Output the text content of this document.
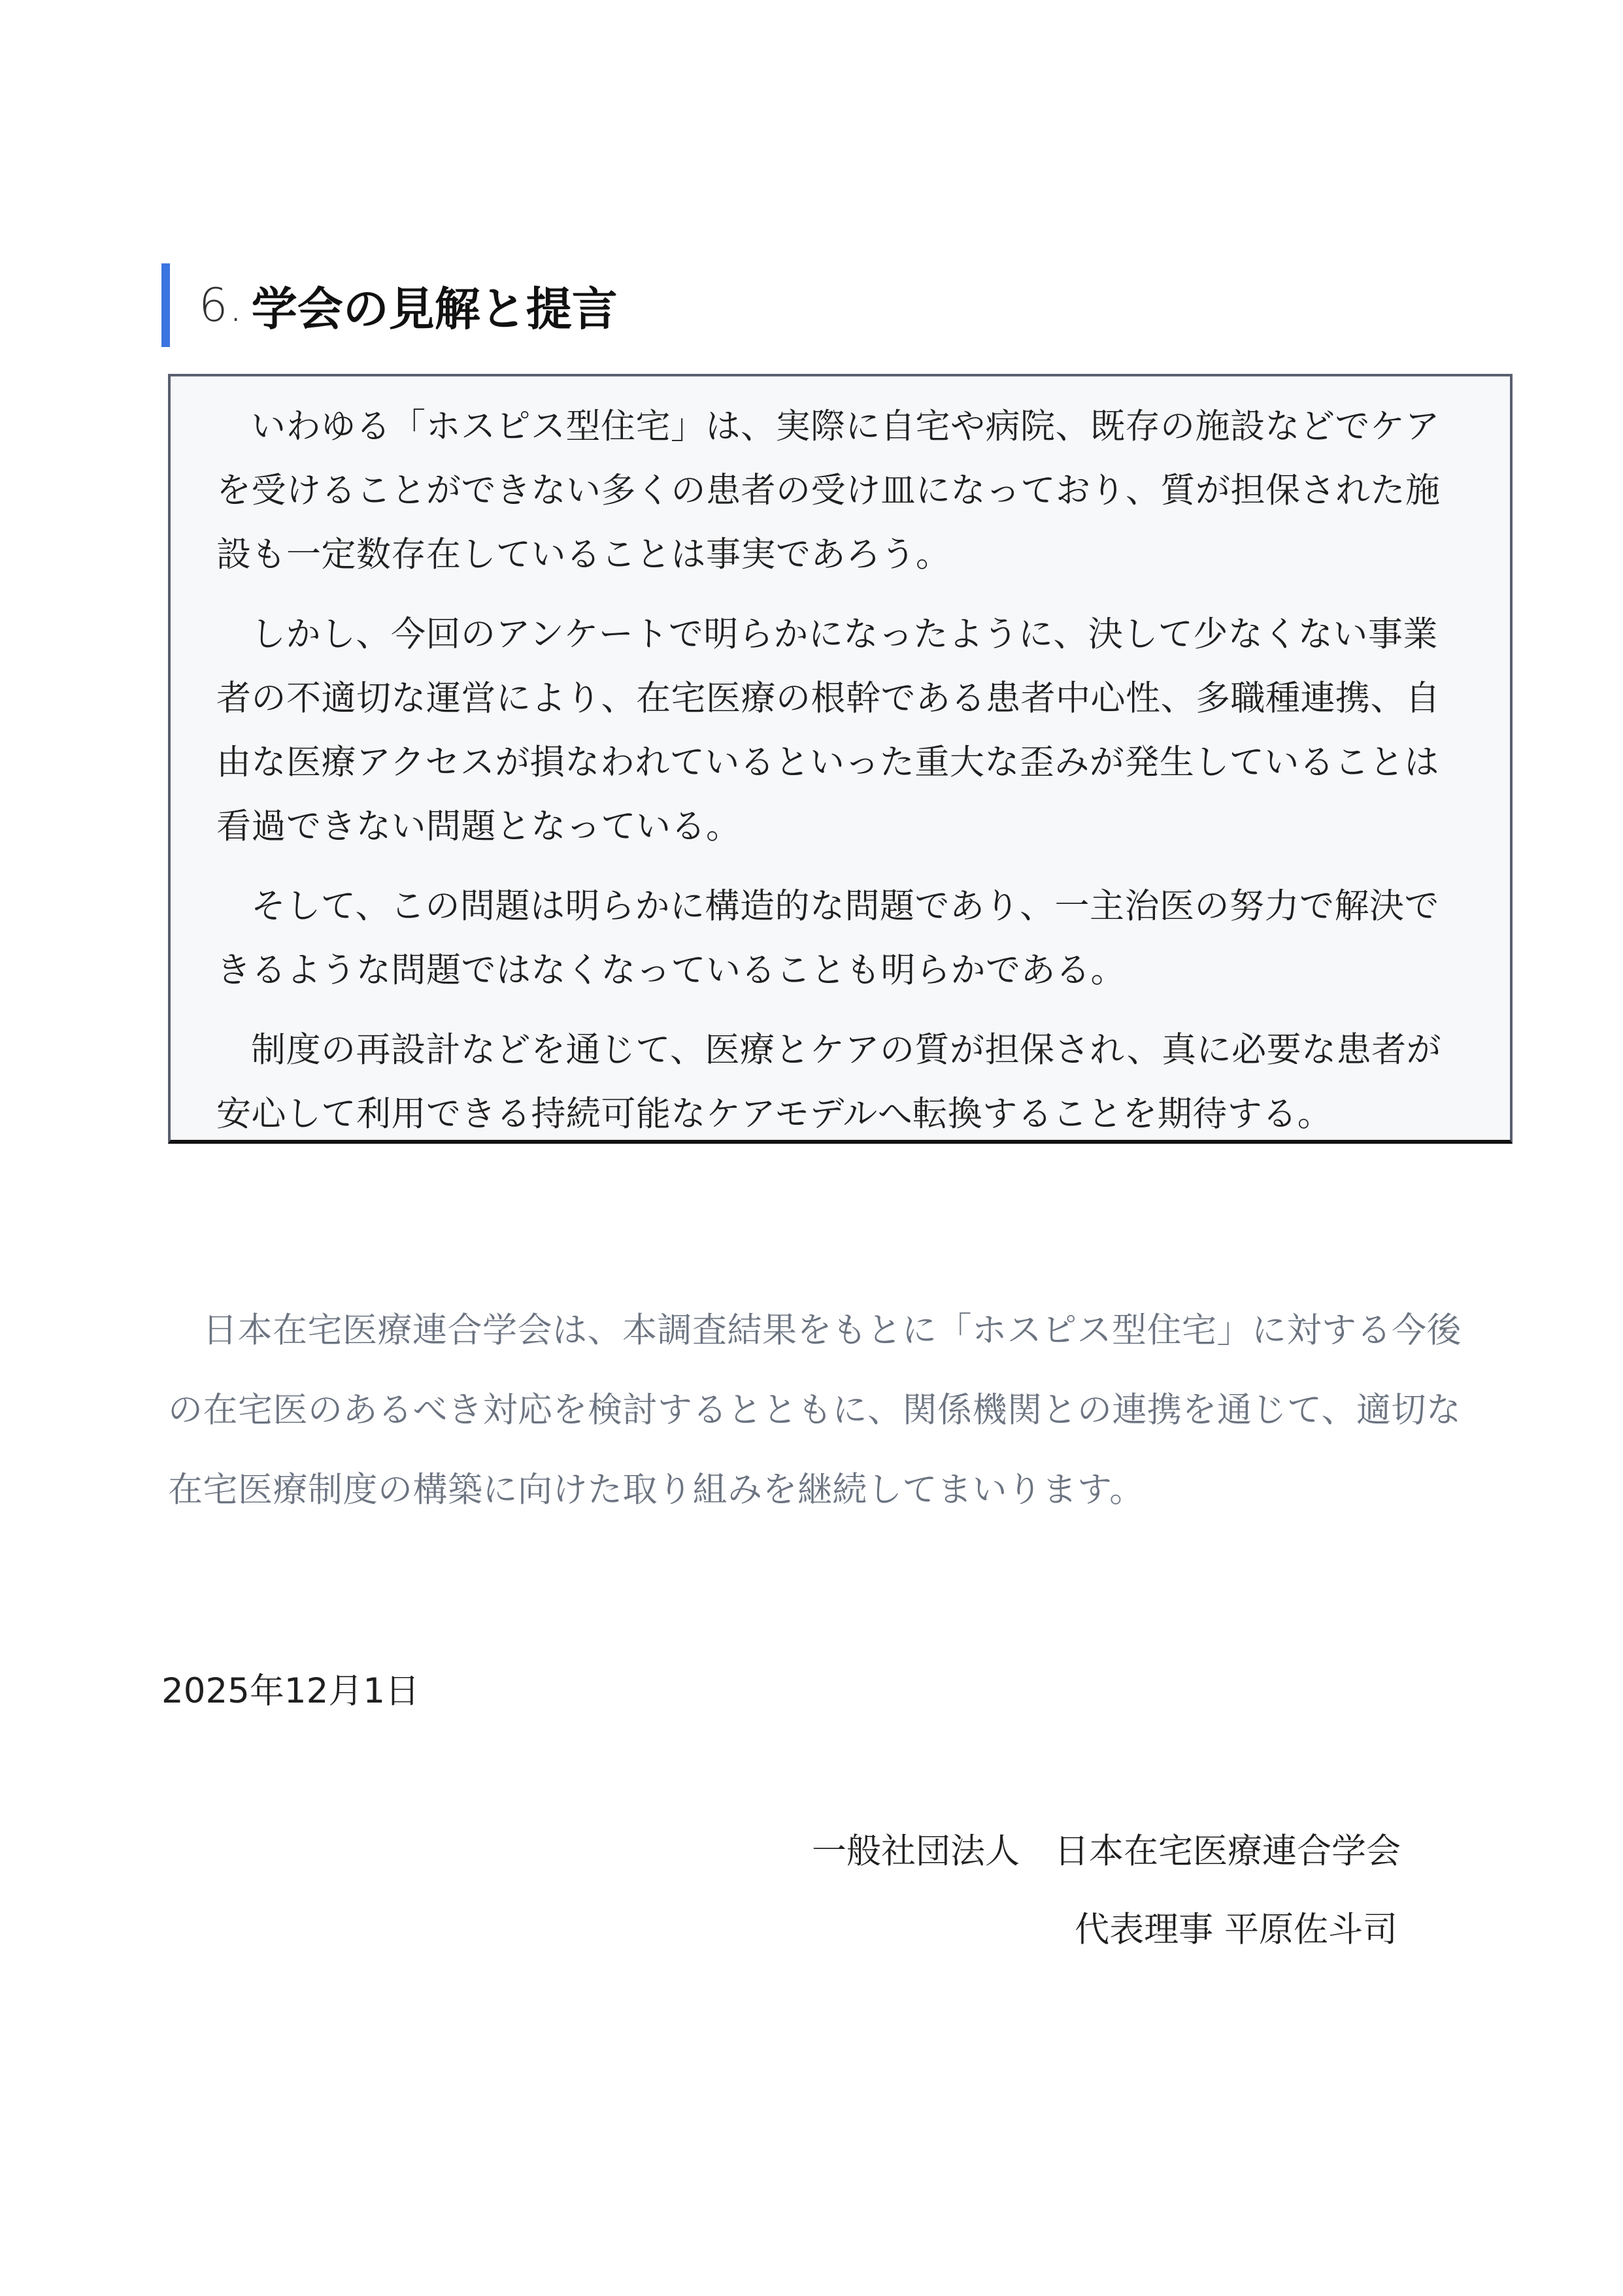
6. 学会の見解と提言

いわゆる「ホスピス型住宅」は、実際に自宅や病院、既存の施設などでケアを受けることができない多くの患者の受け皿になっており、質が担保された施設も一定数存在していることは事実であろう。

しかし、今回のアンケートで明らかになったように、決して少なくない事業者の不適切な運営により、在宅医療の根幹である患者中心性、多職種連携、自由な医療アクセスが損なわれているといった重大な歪みが発生していることは看過できない問題となっている。

そして、この問題は明らかに構造的な問題であり、一主治医の努力で解決できるような問題ではなくなっていることも明らかである。

制度の再設計などを通じて、医療とケアの質が担保され、真に必要な患者が安心して利用できる持続可能なケアモデルへ転換することを期待する。

日本在宅医療連合学会は、本調査結果をもとに「ホスピス型住宅」に対する今後の在宅医のあるべき対応を検討するとともに、関係機関との連携を通じて、適切な在宅医療制度の構築に向けた取り組みを継続してまいります。

2025年12月1日

一般社団法人　日本在宅医療連合学会

代表理事 平原佐斗司
